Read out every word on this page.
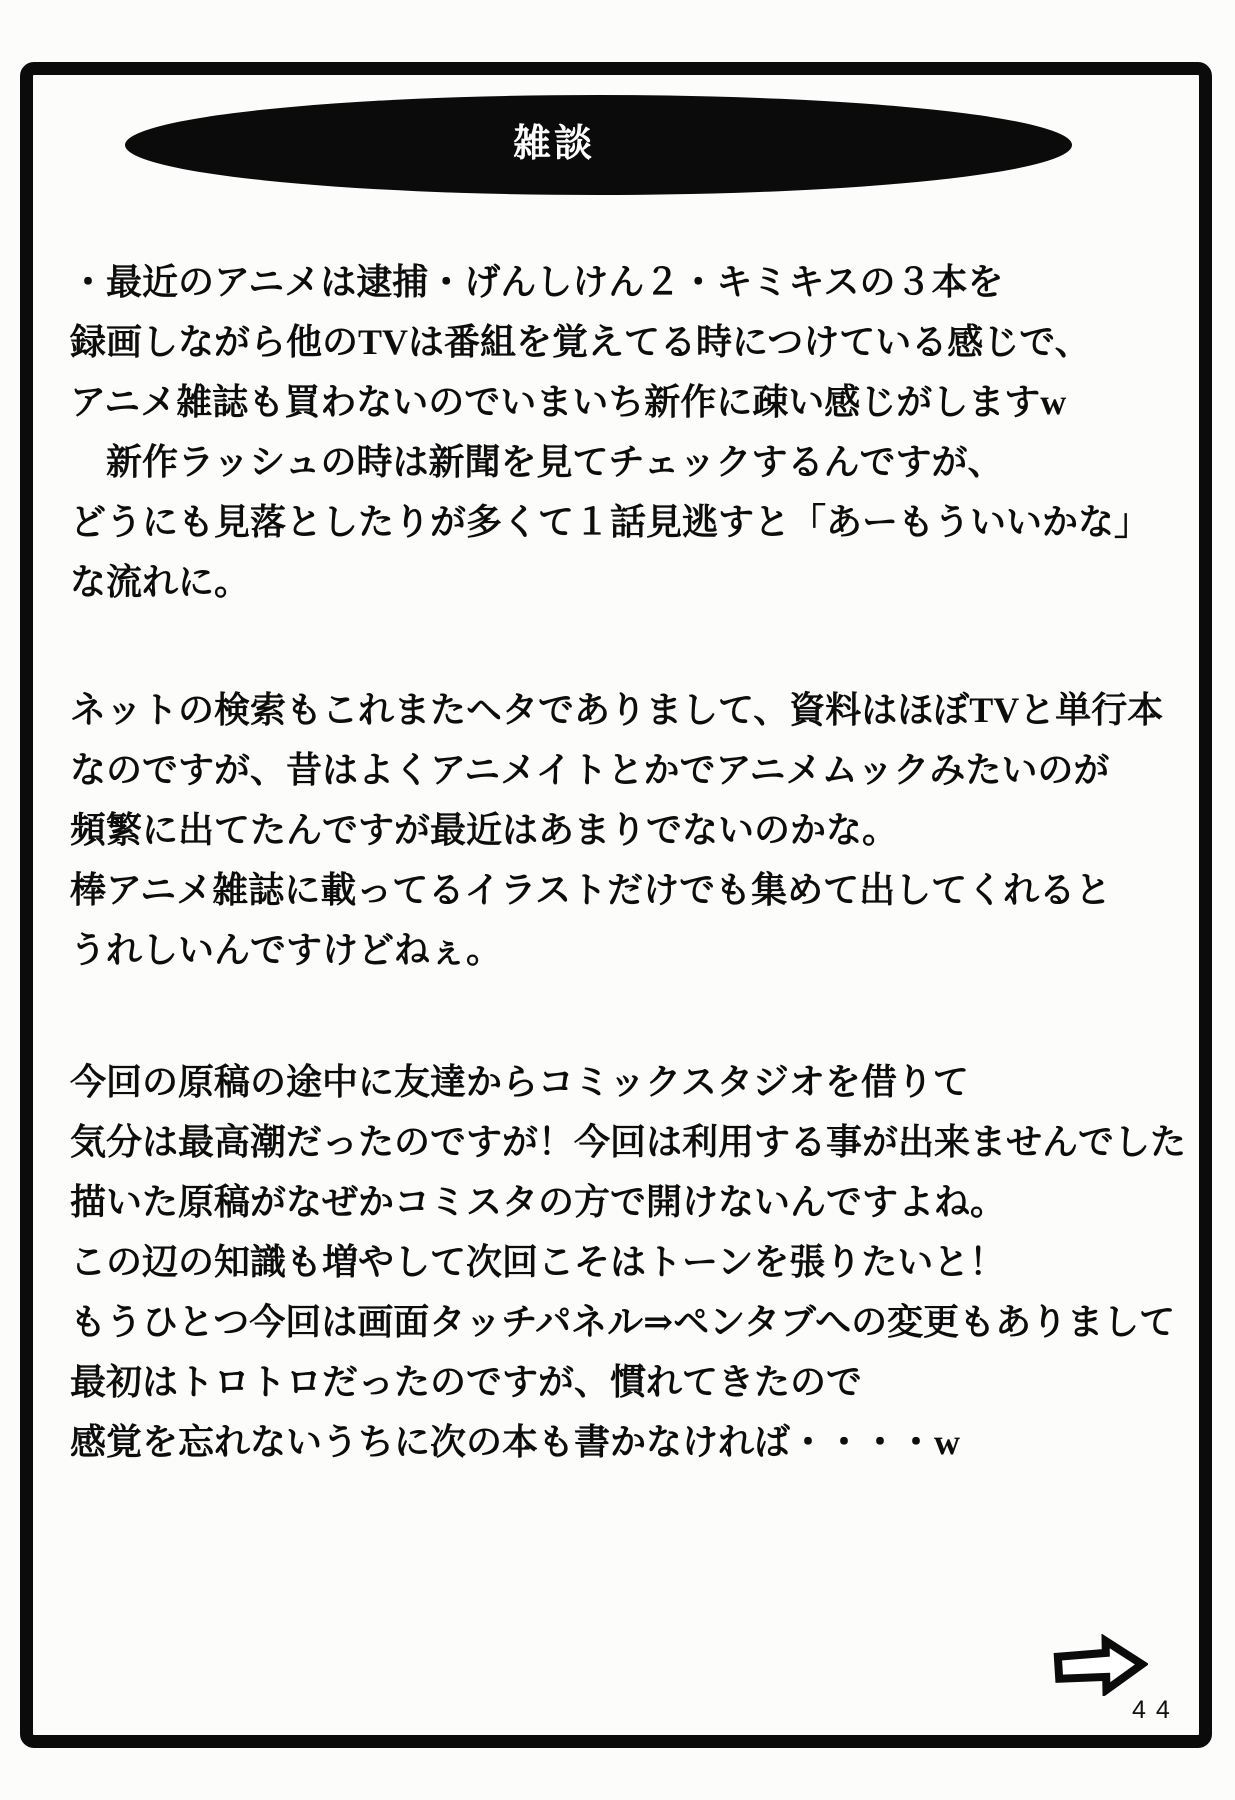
雑談
・最近のアニメは逮捕・げんしけん２・キミキスの３本を
録画しながら他のTVは番組を覚えてる時につけている感じで、
アニメ雑誌も買わないのでいまいち新作に疎い感じがしますw
　新作ラッシュの時は新聞を見てチェックするんですが、
どうにも見落としたりが多くて１話見逃すと「あーもういいかな」
な流れに。
ネットの検索もこれまたヘタでありまして、資料はほぼTVと単行本
なのですが、昔はよくアニメイトとかでアニメムックみたいのが
頻繁に出てたんですが最近はあまりでないのかな。
棒アニメ雑誌に載ってるイラストだけでも集めて出してくれると
うれしいんですけどねぇ。
今回の原稿の途中に友達からコミックスタジオを借りて
気分は最高潮だったのですが！今回は利用する事が出来ませんでした
描いた原稿がなぜかコミスタの方で開けないんですよね。
この辺の知識も増やして次回こそはトーンを張りたいと！
もうひとつ今回は画面タッチパネル⇒ペンタブへの変更もありまして
最初はトロトロだったのですが、慣れてきたので
感覚を忘れないうちに次の本も書かなければ・・・・w
44
